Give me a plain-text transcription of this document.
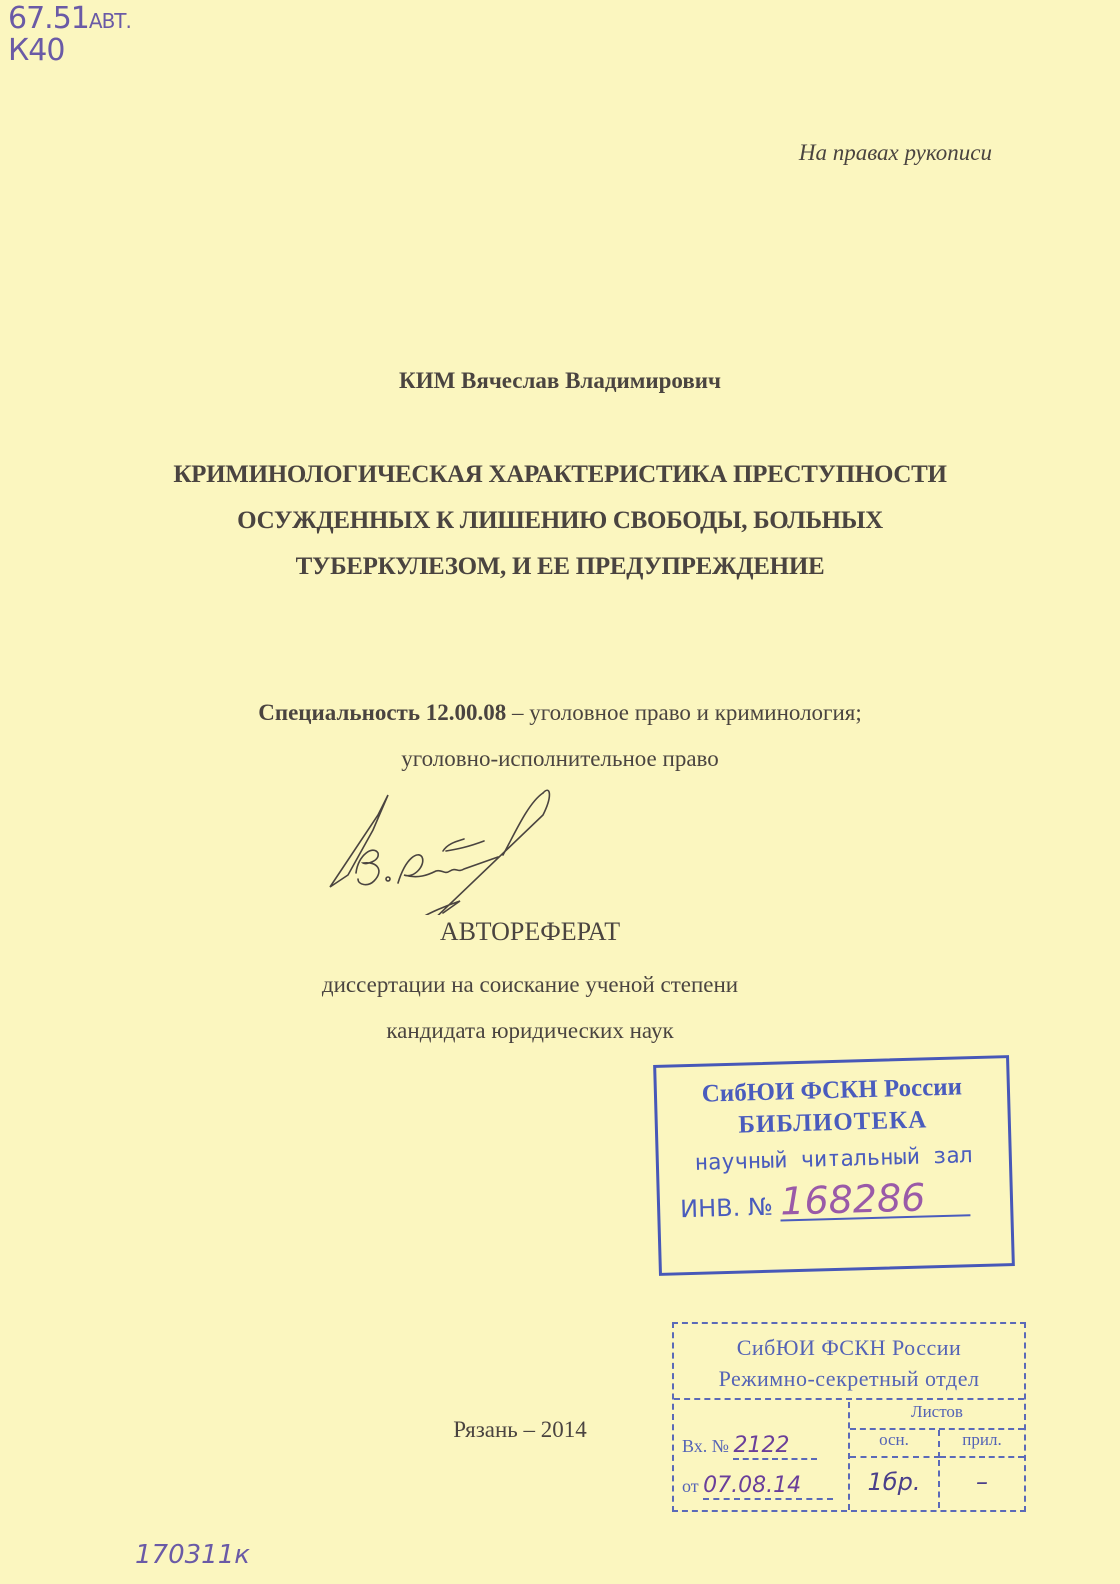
67.51АВТ.
К40
На правах рукописи
КИМ Вячеслав Владимирович
КРИМИНОЛОГИЧЕСКАЯ ХАРАКТЕРИСТИКА ПРЕСТУПНОСТИ
ОСУЖДЕННЫХ К ЛИШЕНИЮ СВОБОДЫ, БОЛЬНЫХ
ТУБЕРКУЛЕЗОМ, И ЕЕ ПРЕДУПРЕЖДЕНИЕ
Специальность 12.00.08 – уголовное право и криминология;
уголовно-исполнительное право
АВТОРЕФЕРАТ
диссертации на соискание ученой степени
кандидата юридических наук
СибЮИ ФСКН России
БИБЛИОТЕКА
научный читальный зал
ИНВ. № 168286
Рязань – 2014
СибЮИ ФСКН России
Режимно-секретный отдел
Вх. № 2122
от 07.08.14
Листов
осн.	прил.
1бр.	–
170311к
